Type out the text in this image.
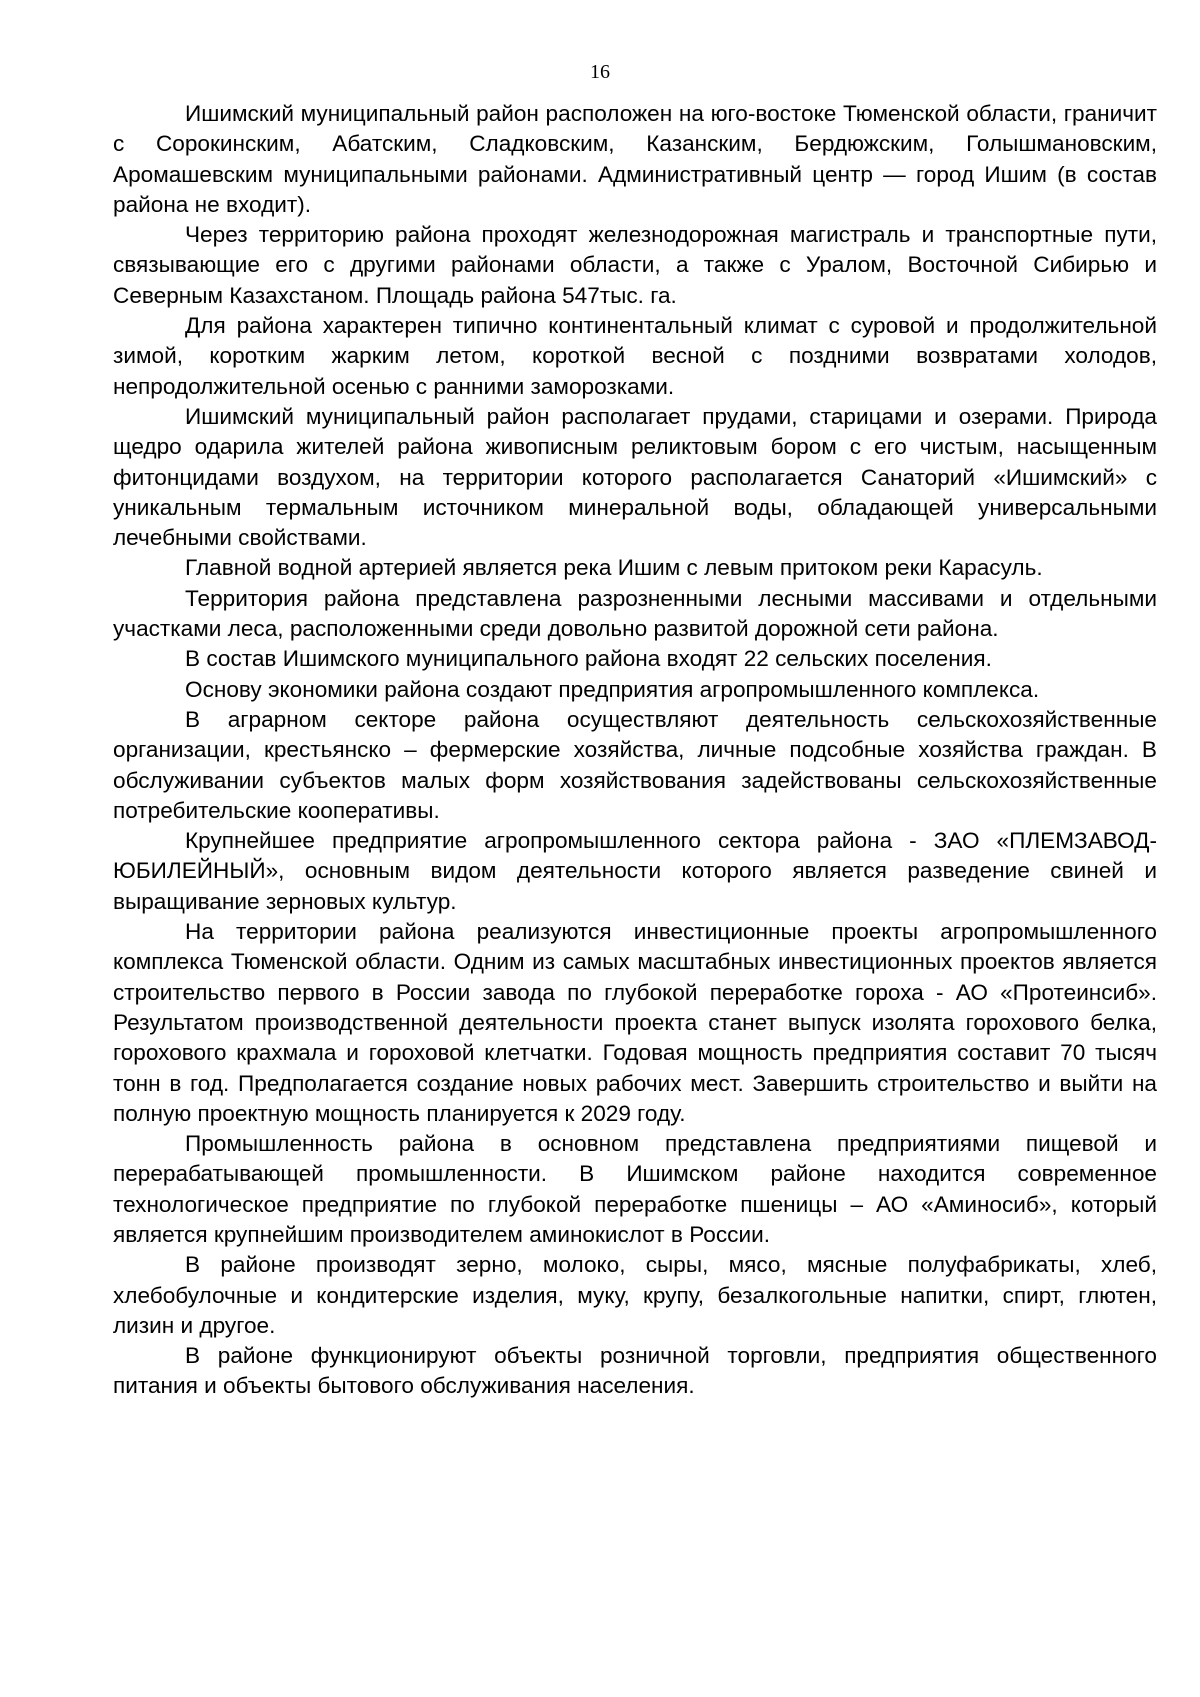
16

Ишимский муниципальный район расположен на юго-востоке Тюменской области, граничит с Сорокинским, Абатским, Сладковским, Казанским, Бердюжским, Голышмановским, Аромашевским муниципальными районами. Административный центр — город Ишим (в состав района не входит).

Через территорию района проходят железнодорожная магистраль и транспортные пути, связывающие его с другими районами области, а также с Уралом, Восточной Сибирью и Северным Казахстаном. Площадь района 547тыс. га.

Для района характерен типично континентальный климат с суровой и продолжительной зимой, коротким жарким летом, короткой весной с поздними возвратами холодов, непродолжительной осенью с ранними заморозками.

Ишимский муниципальный район располагает прудами, старицами и озерами. Природа щедро одарила жителей района живописным реликтовым бором с его чистым, насыщенным фитонцидами воздухом, на территории которого располагается Санаторий «Ишимский» с уникальным термальным источником минеральной воды, обладающей универсальными лечебными свойствами.

Главной водной артерией является река Ишим с левым притоком реки Карасуль.

Территория района представлена разрозненными лесными массивами и отдельными участками леса, расположенными среди довольно развитой дорожной сети района.

В состав Ишимского муниципального района входят 22 сельских поселения.

Основу экономики района создают предприятия агропромышленного комплекса.

В аграрном секторе района осуществляют деятельность сельскохозяйственные организации, крестьянско – фермерские хозяйства, личные подсобные хозяйства граждан. В обслуживании субъектов малых форм хозяйствования задействованы сельскохозяйственные потребительские кооперативы.

Крупнейшее предприятие агропромышленного сектора района - ЗАО «ПЛЕМЗАВОД-ЮБИЛЕЙНЫЙ», основным видом деятельности которого является разведение свиней и выращивание зерновых культур.

На территории района реализуются инвестиционные проекты агропромышленного комплекса Тюменской области. Одним из самых масштабных инвестиционных проектов является строительство первого в России завода по глубокой переработке гороха - АО «Протеинсиб». Результатом производственной деятельности проекта станет выпуск изолята горохового белка, горохового крахмала и гороховой клетчатки. Годовая мощность предприятия составит 70 тысяч тонн в год. Предполагается создание новых рабочих мест. Завершить строительство и выйти на полную проектную мощность планируется к 2029 году.

Промышленность района в основном представлена предприятиями пищевой и перерабатывающей промышленности. В Ишимском районе находится современное технологическое предприятие по глубокой переработке пшеницы – АО «Аминосиб», который является крупнейшим производителем аминокислот в России.

В районе производят зерно, молоко, сыры, мясо, мясные полуфабрикаты, хлеб, хлебобулочные и кондитерские изделия, муку, крупу, безалкогольные напитки, спирт, глютен, лизин и другое.

В районе функционируют объекты розничной торговли, предприятия общественного питания и объекты бытового обслуживания населения.
